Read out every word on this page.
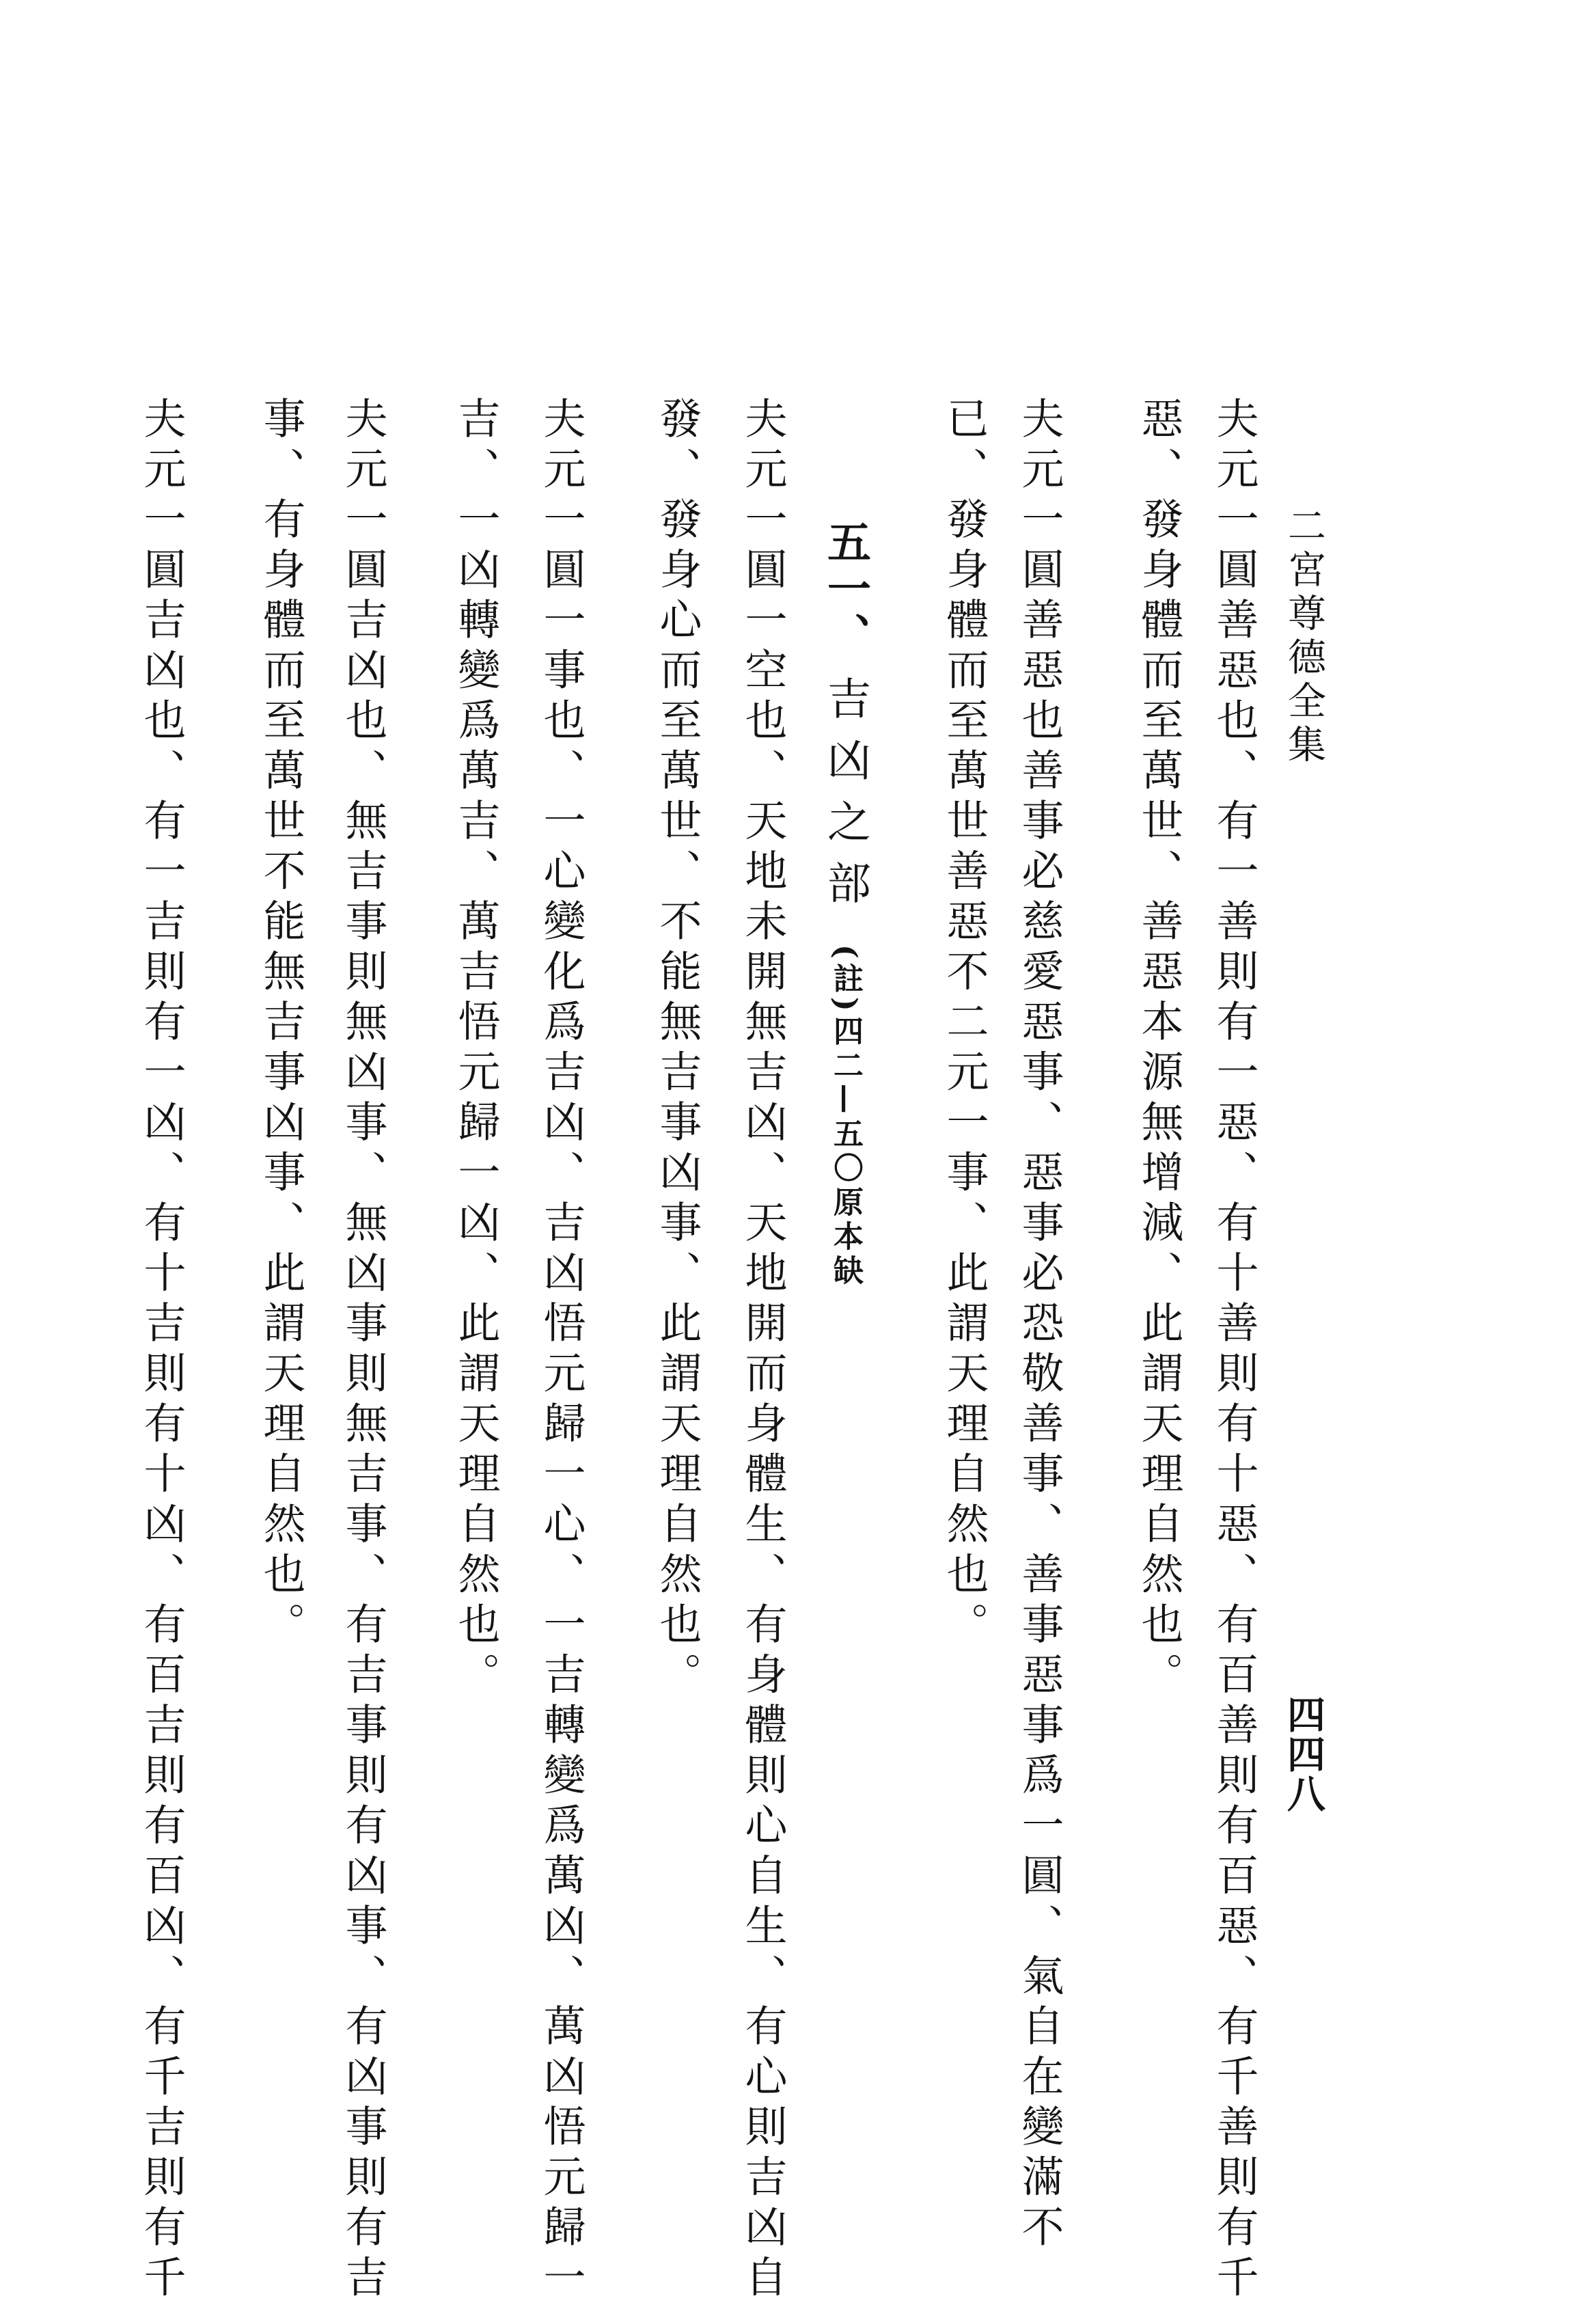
二宮尊德全集
四四八
夫元一圓善惡也、有一善則有一惡、有十善則有十惡、有百善則有百惡、有千善則有千
惡、發身體而至萬世、善惡本源無增減、此謂天理自然也。
夫元一圓善惡也善事必慈愛惡事、惡事必恐敬善事、善事惡事爲一圓、氣自在變滿不
已、發身體而至萬世善惡不二元一事、此謂天理自然也。
五一、 吉凶之部 (註)四二—五〇原本缺
夫元一圓一空也、天地未開無吉凶、天地開而身體生、有身體則心自生、有心則吉凶自
發、發身心而至萬世、不能無吉事凶事、此謂天理自然也。
夫元一圓一事也、一心變化爲吉凶、吉凶悟元歸一心、一吉轉變爲萬凶、萬凶悟元歸一
吉、一凶轉變爲萬吉、萬吉悟元歸一凶、此謂天理自然也。
夫元一圓吉凶也、無吉事則無凶事、無凶事則無吉事、有吉事則有凶事、有凶事則有吉
事、有身體而至萬世不能無吉事凶事、此謂天理自然也。
夫元一圓吉凶也、有一吉則有一凶、有十吉則有十凶、有百吉則有百凶、有千吉則有千
